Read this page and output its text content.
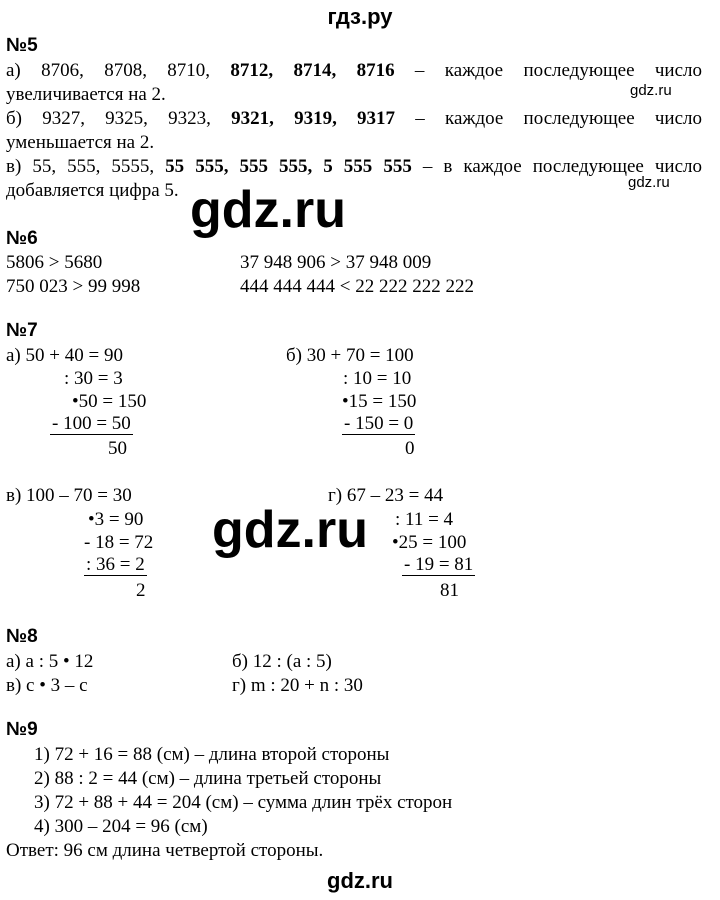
гдз.ру
№5
а) 8706, 8708, 8710, 8712, 8714, 8716 – каждое последующее число
увеличивается на 2.	gdz.ru
б) 9327, 9325, 9323, 9321, 9319, 9317 – каждое последующее число
уменьшается на 2.
в) 55, 555, 5555, 55 555, 555 555, 5 555 555 – в каждое последующее число
добавляется цифра 5.	gdz.ru
gdz.ru
№6
5806 > 5680	37 948 906 > 37 948 009
750 023 > 99 998	444 444 444 < 22 222 222 222
№7
а) 50 + 40 = 90
: 30 = 3
•50 = 150
- 100 = 50
50
б) 30 + 70 = 100
: 10 = 10
•15 = 150
- 150 = 0
0
в) 100 – 70 = 30
•3 = 90
- 18 = 72
: 36 = 2
2
г) 67 – 23 = 44
: 11 = 4
•25 = 100
- 19 = 81
81
gdz.ru
№8
а) a : 5 • 12	б) 12 : (a : 5)
в) c • 3 – c	г) m : 20 + n : 30
№9
1) 72 + 16 = 88 (см) – длина второй стороны
2) 88 : 2 = 44 (см) – длина третьей стороны
3) 72 + 88 + 44 = 204 (см) – сумма длин трёх сторон
4) 300 – 204 = 96 (см)
Ответ: 96 см длина четвертой стороны.
gdz.ru
